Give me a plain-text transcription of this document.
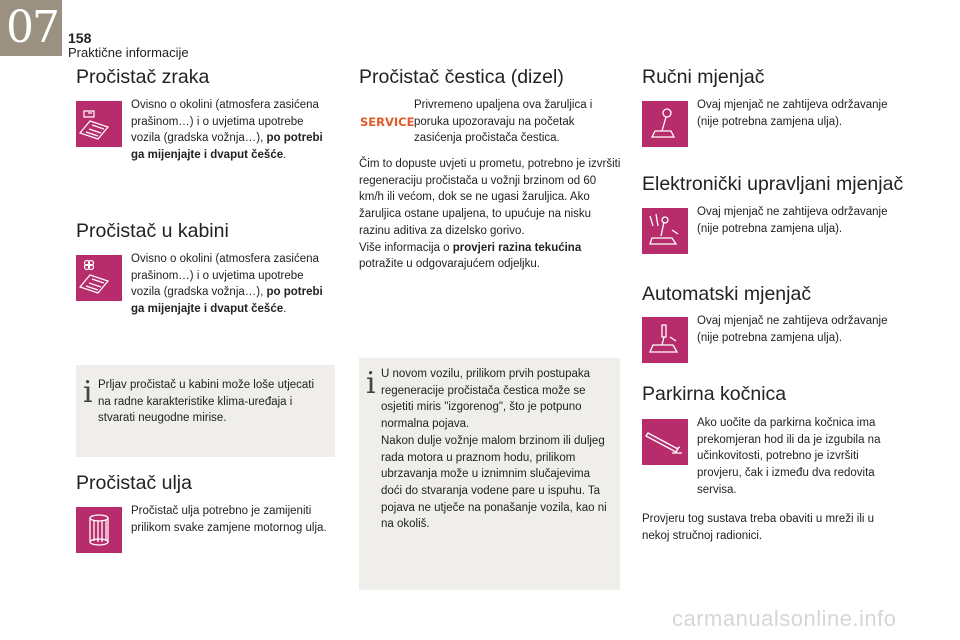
07 158
Praktične informacije
Pročistač zraka
Ovisno o okolini (atmosfera zasićena prašinom…) i o uvjetima upotrebe vozila (gradska vožnja…), po potrebi ga mijenjajte i dvaput češće.
Pročistač u kabini
Ovisno o okolini (atmosfera zasićena prašinom…) i o uvjetima upotrebe vozila (gradska vožnja…), po potrebi ga mijenjajte i dvaput češće.
i Prljav pročistač u kabini može loše utjecati na radne karakteristike klima-uređaja i stvarati neugodne mirise.
Pročistač ulja
Pročistač ulja potrebno je zamijeniti prilikom svake zamjene motornog ulja.
Pročistač čestica (dizel)
SERVICE
Privremeno upaljena ova žaruljica i poruka upozoravaju na početak zasićenja pročistača čestica.
Čim to dopuste uvjeti u prometu, potrebno je izvršiti regeneraciju pročistača u vožnji brzinom od 60 km/h ili većom, dok se ne ugasi žaruljica. Ako žaruljica ostane upaljena, to upućuje na nisku razinu aditiva za dizelsko gorivo.
Više informacija o provjeri razina tekućina potražite u odgovarajućem odjeljku.
i U novom vozilu, prilikom prvih postupaka regeneracije pročistača čestica može se osjetiti miris "izgorenog", što je potpuno normalna pojava.
Nakon dulje vožnje malom brzinom ili duljeg rada motora u praznom hodu, prilikom ubrzavanja može u iznimnim slučajevima doći do stvaranja vodene pare u ispuhu. Ta pojava ne utječe na ponašanje vozila, kao ni na okoliš.
Ručni mjenjač
Ovaj mjenjač ne zahtijeva održavanje (nije potrebna zamjena ulja).
Elektronički upravljani mjenjač
Ovaj mjenjač ne zahtijeva održavanje (nije potrebna zamjena ulja).
Automatski mjenjač
Ovaj mjenjač ne zahtijeva održavanje (nije potrebna zamjena ulja).
Parkirna kočnica
Ako uočite da parkirna kočnica ima prekomjeran hod ili da je izgubila na učinkovitosti, potrebno je izvršiti provjeru, čak i između dva redovita servisa.
Provjeru tog sustava treba obaviti u mreži ili u nekoj stručnoj radionici.
carmanualsonline.info
